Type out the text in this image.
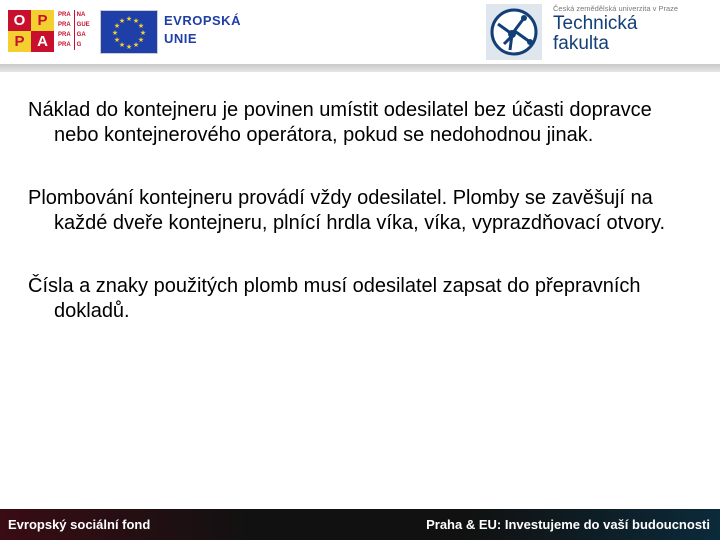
O P
P A
PRA	NA
PRA	GUE
PRA	GA
PRA	G
★ ★
★
★
★
★
★
★
★
★
★
★	EVROPSKÁ
UNIE
Česká zemědělská univerzita v Praze
Technická
fakulta

Náklad do kontejneru je povinen umístit odesilatel bez účasti dopravce nebo kontejnerového operátora, pokud se nedohodnou jinak.

Plombování kontejneru provádí vždy odesilatel. Plomby se zavěšují na každé dveře kontejneru, plnící hrdla víka, víka, vyprazdňovací otvory.

Čísla a znaky použitých plomb musí odesilatel zapsat do přepravních dokladů.

Evropský sociální fond	Praha & EU: Investujeme do vaší budoucnosti
